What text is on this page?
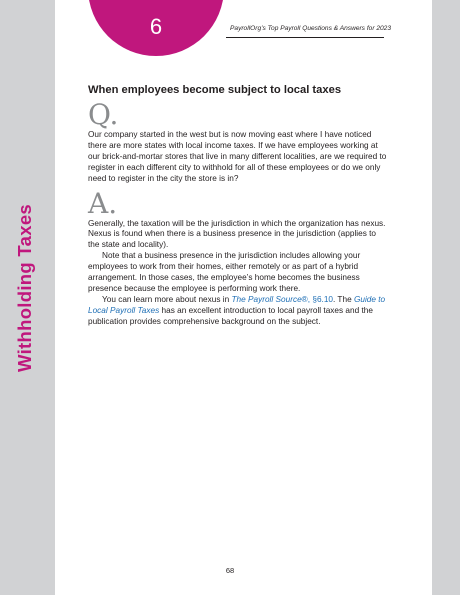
6	PayrollOrg’s Top Payroll Questions & Answers for 2023
Withholding Taxes
When employees become subject to local taxes
Q.

Our company started in the west but is now moving east where I have noticed there are more states with local income taxes. If we have employees working at our brick-and-mortar stores that live in many different localities, are we required to register in each different city to withhold for all of these employees or do we only need to register in the city the store is in?

A.

Generally, the taxation will be the jurisdiction in which the organization has nexus. Nexus is found when there is a business presence in the jurisdiction (applies to the state and locality).

Note that a business presence in the jurisdiction includes allowing your employees to work from their homes, either remotely or as part of a hybrid arrangement. In those cases, the employee’s home becomes the business presence because the employee is performing work there.

You can learn more about nexus in The Payroll Source®, §6.10. The Guide to Local Payroll Taxes has an excellent introduction to local payroll taxes and the publication provides comprehensive background on the subject.

68
